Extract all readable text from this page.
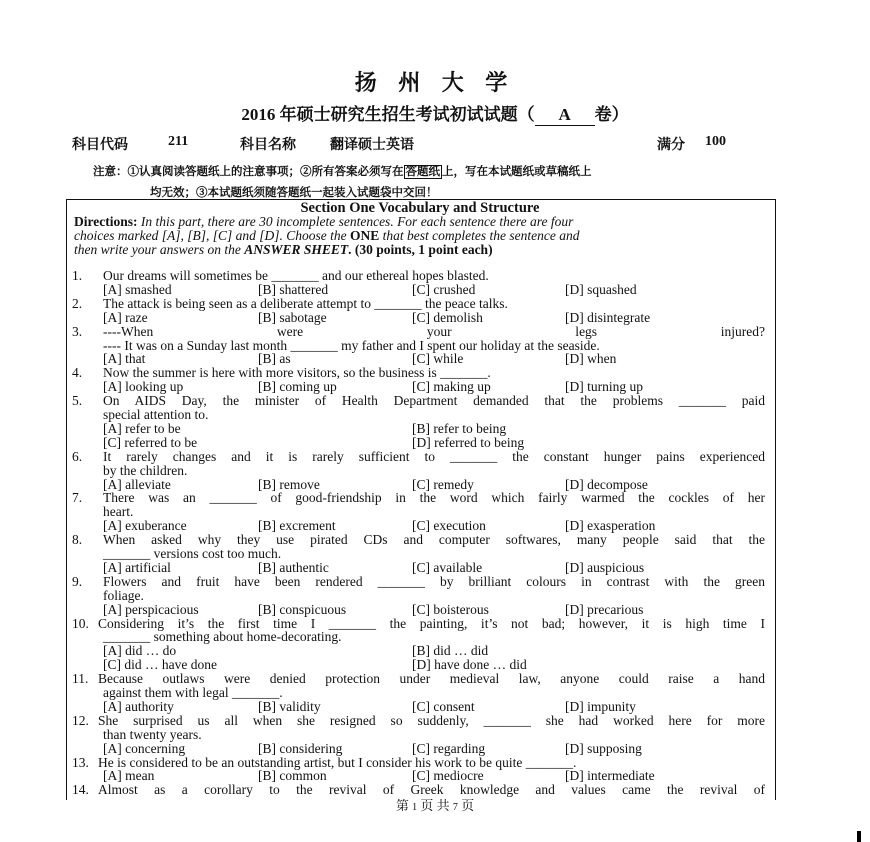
扬 州 大 学
2016 年硕士研究生招生考试初试试题（ A 卷）
科目代码	211	科目名称 翻译硕士英语	满分 100
注意：①认真阅读答题纸上的注意事项；②所有答案必须写在 答题纸 上，写在本试题纸或草稿纸上
均无效；③本试题纸须随答题纸一起装入试题袋中交回！
Section One Vocabulary and Structure
Directions: In this part, there are 30 incomplete sentences. For each sentence there are four
choices marked [A], [B], [C] and [D]. Choose the ONE that best completes the sentence and
then write your answers on the ANSWER SHEET. (30 points, 1 point each)
1. Our dreams will sometimes be _______ and our ethereal hopes blasted.
[A] smashed	[B] shattered	[C] crushed	[D] squashed
2. The attack is being seen as a deliberate attempt to _______ the peace talks.
[A] raze	[B] sabotage	[C] demolish	[D] disintegrate
3. ----When were your legs injured?
---- It was on a Sunday last month _______ my father and I spent our holiday at the seaside.
[A] that	[B] as	[C] while	[D] when
4. Now the summer is here with more visitors, so the business is _______.
[A] looking up	[B] coming up	[C] making up	[D] turning up
5. On AIDS Day, the minister of Health Department demanded that the problems _______ paid
special attention to.
[A] refer to be	[B] refer to being
[C] referred to be	[D] referred to being
6. It rarely changes and it is rarely sufficient to _______ the constant hunger pains experienced
by the children.
[A] alleviate	[B] remove	[C] remedy	[D] decompose
7. There was an _______ of good-friendship in the word which fairly warmed the cockles of her
heart.
[A] exuberance	[B] excrement	[C] execution	[D] exasperation
8. When asked why they use pirated CDs and computer softwares, many people said that the
_______ versions cost too much.
[A] artificial	[B] authentic	[C] available	[D] auspicious
9. Flowers and fruit have been rendered _______ by brilliant colours in contrast with the green
foliage.
[A] perspicacious	[B] conspicuous	[C] boisterous	[D] precarious
10. Considering it’s the first time I _______ the painting, it’s not bad; however, it is high time I
_______ something about home-decorating.
[A] did … do	[B] did … did
[C] did … have done	[D] have done … did
11. Because outlaws were denied protection under medieval law, anyone could raise a hand
against them with legal _______.
[A] authority	[B] validity	[C] consent	[D] impunity
12. She surprised us all when she resigned so suddenly, _______ she had worked here for more
than twenty years.
[A] concerning	[B] considering	[C] regarding	[D] supposing
13. He is considered to be an outstanding artist, but I consider his work to be quite _______.
[A] mean	[B] common	[C] mediocre	[D] intermediate
14. Almost as a corollary to the revival of Greek knowledge and values came the revival of
第 1 页 共 7 页
